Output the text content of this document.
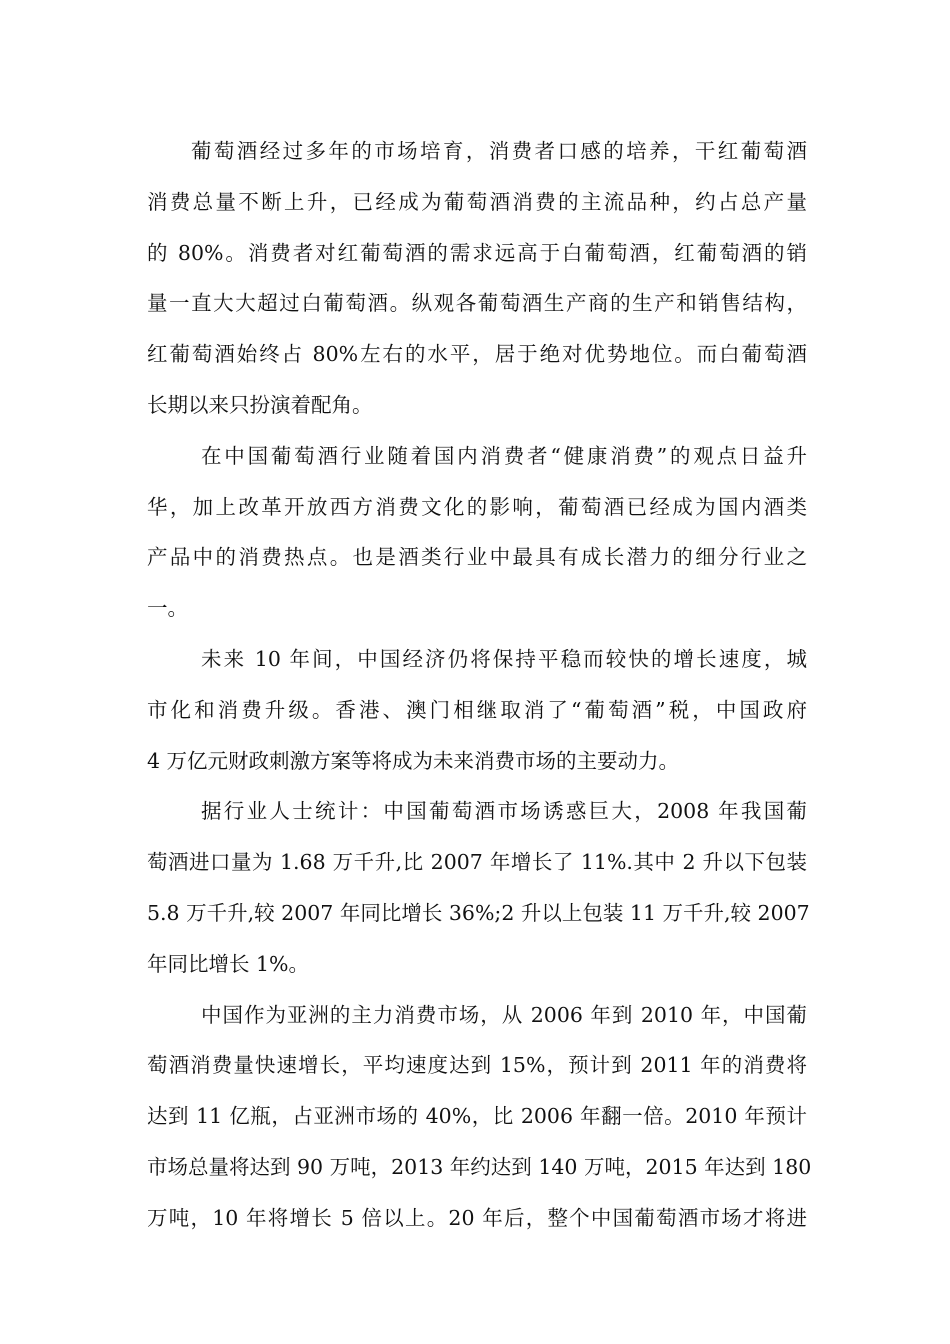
葡萄酒经过多年的市场培育，消费者口感的培养，干红葡萄酒
消费总量不断上升，已经成为葡萄酒消费的主流品种，约占总产量
的 80%。消费者对红葡萄酒的需求远高于白葡萄酒，红葡萄酒的销
量一直大大超过白葡萄酒。纵观各葡萄酒生产商的生产和销售结构，
红葡萄酒始终占 80%左右的水平，居于绝对优势地位。而白葡萄酒
长期以来只扮演着配角。
在中国葡萄酒行业随着国内消费者“健康消费”的观点日益升
华，加上改革开放西方消费文化的影响，葡萄酒已经成为国内酒类
产品中的消费热点。也是酒类行业中最具有成长潜力的细分行业之
一。
未来 10 年间，中国经济仍将保持平稳而较快的增长速度，城
市化和消费升级。香港、澳门相继取消了“葡萄酒”税，中国政府
4 万亿元财政刺激方案等将成为未来消费市场的主要动力。
据行业人士统计：中国葡萄酒市场诱惑巨大，2008 年我国葡
萄酒进口量为 1.68 万千升,比 2007 年增长了 11%.其中 2 升以下包装
5.8 万千升,较 2007 年同比增长 36%;2 升以上包装 11 万千升,较 2007
年同比增长 1%。
中国作为亚洲的主力消费市场，从 2006 年到 2010 年，中国葡
萄酒消费量快速增长，平均速度达到 15%，预计到 2011 年的消费将
达到 11 亿瓶，占亚洲市场的 40%，比 2006 年翻一倍。2010 年预计
市场总量将达到 90 万吨，2013 年约达到 140 万吨，2015 年达到 180
万吨，10 年将增长 5 倍以上。20 年后，整个中国葡萄酒市场才将进
